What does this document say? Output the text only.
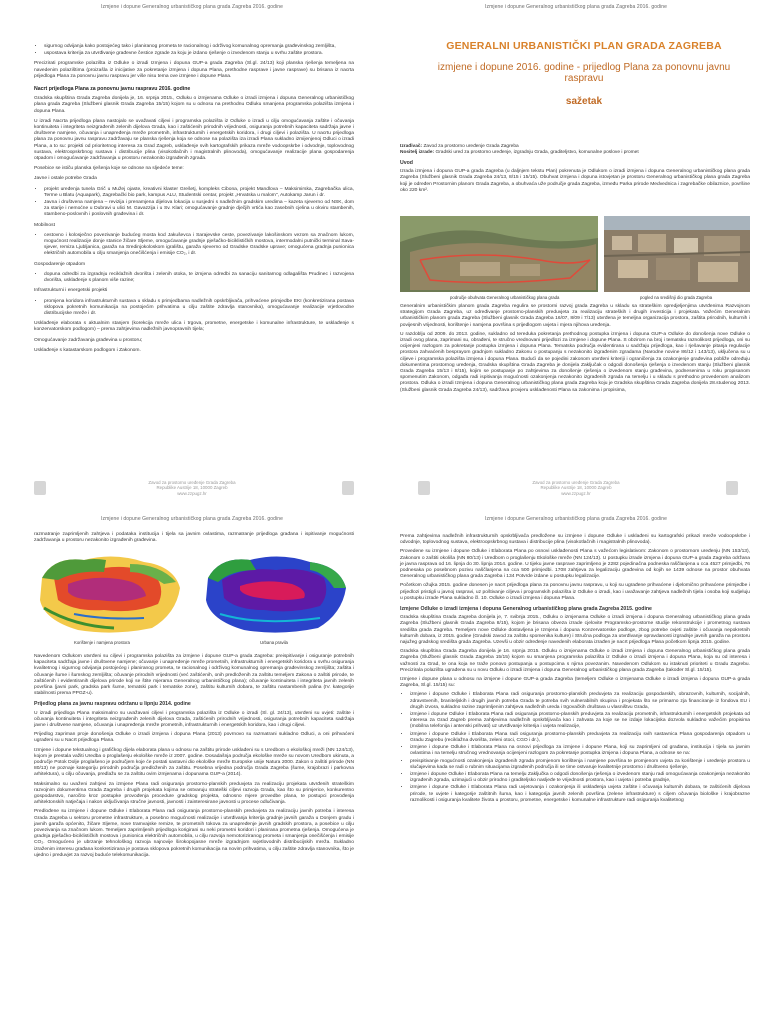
Izmjene i dopune Generalnog urbanističkog plana grada Zagreba 2016. godine
• sigurnog odvijanja kako postojećeg tako i planiranog prometa te racionalnog i održivog komunalnog opremanja građevinskog zemljišta,
• uspostava kriterija za utvrđivanje građevne čestice zgrade za koju je izdano rješenje o izvedenom stanju u svrhu zaštite prostora.

Precizirati programske polazišta iz Odluke o izradi Izmjena i dopuna GUP-a grada Zagreba (Sl.gl. 24/13) koji planska rješenja temeljena na navedenim polazištima (proizašla iz inicijative za pokretanje izmjena i dopuna Plana, prethodne rasprave i javne rasprave) su brisana iz nacrta prijedloga Plana za ponovnu javnu raspravu jer više nisu tema ove izmjene i dopune Plana.

Nacrt prijedloga Plana za ponovnu javnu raspravu 2016. godine

Gradska skupština Grada Zagreba donijela je, 16. srpnja 2015., Odluku o izmjenama Odluke o izradi izmjena i dopuna Generalnog urbanističkog plana grada Zagreba (Službeni glasnik Grada Zagreba 15/15) kojom su u odnosu na prethodnu Odluku smanjena programska polazišta izmjena i dopuna Plana.

U izradi Nacrta prijedloga plana nastojalo se uvažavati ciljevi i programska polazišta iz Odluke o izradi u cilju omogućavanja zaštite i očuvanja kontinuiteta i integriteta neizgrađenih zelenih dijelova Grada, kao i zaštićenih prirodnih vrijednosti, osiguranja potrebnih kapaciteta sadržaja javne i društvene namjene, očuvanja i unapređenja mreže prometnih, infrastrukturnih i energetskih koridora, i drugi ciljevi i polazišta. U nacrtu prijedloga plana za ponovnu javnu raspravu zadržavaju se planska rješenja koja se odnose na polazišta iza izradi Plana sukladno izmijenjenoj Odluci o izradi Plana, a to su: projekti od prioritetnog interesa za Grad Zagreb, usklađenje svih kartografskih prikaza mreže vodoopskrbe i odvodnje, toplovodnog sustava, elektroopskrbnog sustava i distribucije plina (visokotlačnih i magistralnih plinovoda), omogućavanje realizacije plana gospodarenja otpadom i omogućavanje zadržavanja u prostoru nezakonito izgrađenih zgrada.

Posebice se ističu planska rješenja koje se odnose na sljedeće teme:

Javne i ostale potrebe Grada

• projekt uređenja tunela Grič u Mužej ojaste, kreativni klaster Grešetj, kompleks Cibona, projekt Mandlova – Maksimirska, Zagrebačka ulica, Terme u Blatu (Aquapark), Zagrebački bio park, kampus ALU, Studentski centar, projekt „Hrvatska u malom", Autokamp Jarun i dr.
• Javna i društvena namjena – revizija i prenamjena dijelova lokacija u susjedni s nadležnim gradskim uredima – kazeta sjeverno od NSK, dom za starije i nemoćne u Dubravi u ulici M. Gavazzija i u Sv. Klari; omogućavanje gradnje dječjih vrtića kao zasebnih cjelina u okviru stambenih, stambeno-poslovnih i poslovnih građevina i dr.

Mobilnost

• cestovno i kolosječno povezivanje budućeg mosta kod Jakuševca i Sarajevske ceste, povezivanje lakošinskom vezom sa značnom lukom, mogućnost realizacije donje stanice žičare Sljeme, omogućavanje gradnje pješačko-biciklističkih mostova, intermodalni putnički terminal Sava-sjever, remiza Ljubljanica, garaža na Sredinjokoloskom igralištu, garaža sjeverno od Gradske Gradske uprave; omogućena gradnja punionica električnih automobila u cilju smanjenja onečišćenja i emisije CO₂, i dr.

Gospodarenje otpadom

• dopuna odredbi za izgradnju reciklažnih dvorišta i zelenih otoka, te izmjena odredbi za sanaciju sanitarnog odlagališta Prudinec i razvojena dvorišta, usklađenje s planom više razine;

Infrastrukturni i energetski projekti

• promjena koridora infrastrukturnih sustava u skladu s primjedbama nadležnih opskrbljivača, prihvaćene primjedbe EKI (konkretizirana postava sklopova pokretnih komunikacija na postojećim prihvatima u cilju zaštite zdravlja stanovnika), omogućavanje realizacije vrjetlovodne distribucijske mreže i dr.

Usklađenje elaborata s aktualnim stanjem (korekcija mreže ulica i trgova, prometne, energetske i komunalne infrastrukture, te usklađenje s konzervatorskom podlogom) – prema zahtjevima nadležnih javnopravnih tijela;

Omogućavanje zadržavanja građevina u prostoru;

Usklađenje s katastarskom podlogom i Zakonom.

Zavod za prostorno uređenje Grada Zagreba
Republike Austrije 18, 10000 Zagreb
www.zzpugz.hr
Izmjene i dopune Generalnog urbanističkog plana grada Zagreba 2016. godine
GENERALNI URBANISTIČKI PLAN GRADA ZAGREBA
izmjene i dopune 2016. godine - prijedlog Plana za ponovnu javnu raspravu
sažetak
Izrađivač: Zavod za prostorno uređenje Grada Zagreba
Nositelj izrade: Gradski ured za prostorno uređenje, izgradnju Grada, graditeljstvo, komunalne poslove i promet
Uvod
Izrada izmjena i dopuna GUP-a grada Zagreba (u daljnjem tekstu Plan) pokrenuta je Odlukom o izradi izmjena i dopuna Generalnog urbanističkog plana grada Zagreba (Službeni glasnik Grada Zagreba 24/13, 8/15 i 15/15). Obuhvat izmjena i dopuna istovjetan je prostoru Generalnog urbanističkog plana grada Zagreba koji je određen Prostornim planom Grada Zagreba, a obuhvaća uže područje grada Zagreba, između Parka prirode Medvednica i zagrebačke obilaznice, površine oko 220 km².
područje obuhvata Generalnog urbanističkog plana grada	pogled na središnji dio grada Zagreba

Generalnim urbanističkim planom grada Zagreba regulira se prostorni razvoj grada Zagreba u skladu sa strateškim opredjeljenjima utvrđenima Razvojnom strategijom Grada Zagreba, uz određivanje prostorno-planskih preduvjeta za realizaciju strateških i drugih investicija i projekata. Važećim Generalnim urbanističkim planom grada Zagreba (Službeni glasnik Grada Zagreba 16/07, 8/09 i 7/13) utvrđena je temeljna organizacija prostora, zaštita prirodnih, kulturnih i povijesnih vrijednosti, korištenje i namjena površina s prijedlogom uvjeta i mjera njihova uređenja.

U razdoblju od 2009. do 2013. godine, sukladno od tereduka pokretanja prethodnog postupka izmjena i dopuna GUP-a Odluke do donošenja nove Odluke o izradi ovog plana, zaprimani su, obrađeni, te stručno vrednovani prijedlozi za izmjene i dopune Plana. S obzirom na broj i tematsku raznolikost prijedloga, oni su ocijenjeni razlogom za pokretanje postupka izmjena i dopuna Plana. Tematska područja evidentirana u sadržaju prijedloga, kao i rješavanje pitanja regulacije prostora zahvaćenih besprayom gradnjom sukladno Zakonu o postupanju s nezakonito izgrađenim zgradama (Narodne novine 86/12 i 143/13), uključena su u ciljeve i programska polazišta izmjena i dopuna Plana. Budući da se pojedini zakonom utvrđeni kriteriji i ograničenja za ozakonjenje građevina pobliže određuju dokumentima prostornog uređenja, Gradska skupština Grada Zagreba je donijela Zaključak o odgodi donošenja rješenja o izvedenom stanju (Službeni glasnik Grada Zagreba 15/13 i 8/15), kojim se postupanje po zahtjevima za donošenje rješenja o izvedenom stanju građevina, podnesenima u roku propisanom spomenutim Zakonom, odgađa radi ispitivanja mogućnosti ozakonjenja nezakonito izgrađenih zgrada na temelju i u skladu s prethodno provedenom analizom prostora. Odluka o izradi Izmjena i dopuna Generalnog urbanističkog plana grada Zagreba koju je Gradska skupština Grada Zagreba donijela 28.studenog 2013. (Službeni glasnik Grada Zagreba 24/13), sadržava provjeru usklađenosti Plana sa zakonima i propisima,

Zavod za prostorno uređenje Grada Zagreba
Republike Austrije 18, 10000 Zagreb
www.zzpugz.hr
Izmjene i dopune Generalnog urbanističkog plana grada Zagreba 2016. godine

razmatranje zaprimljenih zahtjeva i podataka institucija i tijela sa javnim ovlastima, razmatranje prijedloga građana i ispitivanje mogućnosti zadržavanja u prostoru nezakonito izgrađenih građevina.

Korištenje i namjena prostora	Urbana pravila

Navedenom Odlukom utvrđeni su ciljevi i programska polazišta za izmjene i dopune GUP-a grada Zagreba: preispitivanje i osiguranje potrebnih kapaciteta sadržaja javne i društvene namjene; očuvanje i unapređenje mreže prometnih, infrastrukturnih i energetskih koridora u svrhu osiguranja kvalitetnog i sigurnog odvijanja postojećeg i planiranog prometa, te racionalnog i održivog komunalnog opremanja građevinskog zemljišta; zaštita i očuvanje šume i šumskog zemljišta; očuvanje prirodnih vrijednosti (već zaštićenih, onih predloženih za zaštitu temeljem Zakona o zaštiti prirode, te zaštićenih i evidentiranih dijelova prirode koji se štite mjerama Generalnog urbanističkog plana); očuvanje kontinuiteta i integriteta javnih zelenih površina (javni park, gradska park šume, tematski park i tematske zone), zaštitu kulturnih dobara, te zaštitu nastambenih palina (IV. kategorije stabilnosti prema PPGZ-u).

Prijedlog plana za javnu raspravu održanu u lipnju 2014. godine

U izradi prijedloga Plana maksimalno su uvažavani ciljevi i programska polazišta iz Odluke o izradi (Sl. gl. 24/13), utvrđeni su uvjeti: zaštite i očuvanja kontinuiteta i integriteta neizgrađenih zelenih dijelova Grada, zaštićenih prirodnih vrijednosti, osiguranja potrebnih kapaciteta sadržaja javne i društvene namjene, očuvanja i unapređenja mreže prometnih, infrastrukturnih i energetskih koridora, kao i drugi ciljevi.

Prijedlog zapriman proje donošenja Odluke o izradi izmjena i dopuna Plana (2013) povrnovo su razmatrani sukladno Odluci, a oni prihvaćeni ugrađeni su u Nacrt prijedloga Plana.

Izmjene i dopune tekstualnog i grafičkog dijela elaborata plana u odnosu na zaštitu prirode usklađeni su s Uredbom o ekološkoj mreži (NN 124/13), kojom je prestala važiti Uredba o proglašenju ekološke mreže iz 2007. godine. Dosadašnja područja ekološke mreže su novom Uredbom ukinuta, a područje Potok Dolje proglašeno je područjem koje će postati sastavni dio ekološke mreže Europske unije Natura 2000. Zakon o zaštiti prirode (NN 80/13) ne poznaje kategoriju prirodnih područja predloženih za zaštitu. Posebna vrijedna područja Grada Zagreba (šume, krajobrazi i parkovna arhitektura), u cilju očuvanja, predlažu se za zaštitu ovim izmjenama i dopunama GUP-a (2014).

Maksimalno su uvaženi zahtjevi za izmjene Plana radi osiguranja prostorno-planskih preduvjeta za realizaciju projekata utvrđenih strateškim razvojnim dokumentima Grada Zagreba i drugih projekata kojima se ostvaruju strateški ciljevi razvoja Grada, kao što su primjerice, konkurentno gospodarstvo, naročito kroz postupke provođenja procedure gradskog projekta, odnosno mjere provedbe plana, te postupci provođenja arhitektonskih natječaja i nakon uključivanja stručne javnosti, javnosti i zainteresirane javnosti u procese odlučivanja.

Predlođene su izmjene i dopune Odluke i Elaborata Plana radi osiguranja prostorno-planskih preduvjeta za realizaciju javnih potreba i interesa Grada Zagreba u sektoru prometne infrastrukture, a posebno mogućnosti realizacije i utvrđivanja kriterija gradnje javnih garaža u Donjem gradu i javnih garaža općenito, žičare Sljeme, nove tramvajske remize, te prometnih tokova za unapređenje javnih gradskih prostora, a posebice u cilju povezivanja sa značnom lukom. Temeljem zaprimljenih prijedloga korigirani su neki prometni koridori i planirana prometna rješenja. Omogućena je gradnja pješačko-biciklističkih mostova i punionica električnih automobila, u cilju razvoja nemotoriziranog prometa i smanjenja onečišćenja i emisije CO₂. Omogućeno je ubrzanje tehnološkog razvoja najnovije širokopojasne mreže izgradnjom svjetlovodnih distribucijskih mreža. Sukladno izraženim interesu građana konkretizirana je postava sklopova pokretnih komunikacija na novim prihvatima, u cilju zaštite zdravlja stanovnika, što je ujedno i preduvjet za razvoj buduće telekomunikacija.

Izmjene i dopune Generalnog urbanističkog plana grada Zagreba 2016. godine

Prema zahtjevima nadležnih infrastrukturnih opskrbljivača predložene su izmjene i dopune Odluke i usklađeni su kartografski prikazi mreže vodoopskrbe i odvodnje, toplovodnog sustava, elektroopskrbnog sustava i distribucije plina (visokotlačnih i magistralnih plinovoda).

Provedene su izmjene i dopune Odluke i Elaborata Plana po osnovi usklađenosti Plana s važećom legislativom: Zakonom o prostornom uređenju (NN 153/13), Zakonom o zaštiti okoliša (NN 80/13) i Uredbom o proglašenju Ekološke mreže (NN 124/13). U postupku izrade izmjena i dopuna GUP-a grada Zagreba održana je javna rasprava od 16. lipnja do 30. lipnja 2014. godine. U tijeku javne rasprave zaprimljeno je 2282 pojedinačna podneska raščlanjena u cca 4527 primjedbi, 76 podnesaka po posebnom pozivu naščlanjena na cca 500 primjedbi. 1708 zahtjeva za legalizaciju građevina od kojih se 1439 odnose na prostor obuhvata Generalnog urbanističkog plana grada Zagreba i 134 Potvrde izdane u postupku legalizacije.

Početkom ožujka 2015. godine donesen je nacrt prijedloga plana za ponovnu javnu raspravu, u koji su ugrađene prihvaćene i djelomično prihvaćene primjedbe i prijedlozi pristigli u javnoj raspravi, uz poštivanje ciljeva i programskih polazišta iz Odluke o izradi, kao i uvažavanje zahtjeva nadležnih tijela i osoba koji sudjeluju u postupku izrade Plana sukladno čl. 10. Odluke o izradi izmjena i dopuna Plana.

Izmjene Odluke o izradi izmjena i dopuna Generalnog urbanističkog plana grada Zagreba 2015. godine

Gradska skupština Grada Zagreba donijela je, 7. svibnja 2015., Odluku o izmjenama Odluke o izradi izmjena i dopuna Generalnog urbanističkog plana grada Zagreba (Službeni glasnik Grada Zagreba 8/15), kojom je brisana obveza izrade cjelovite Programsko-prostorne studije rekonstrukcije i prometnog sustava središta grada Zagreba. Temeljem nove Odluke dostavljena je Izmjena i dopuna Konzervatorske podloge, zbog potrebe ovjeti zaštite i očuvanja nepokretnih kulturnih dobara, iz 2015. godine (Gradski zavod za zaštitu spomenika kulture) i Stručna podloga za utvrđivanje opravdanosti izgradnje javnih garaža na prostoru najužeg gradskog središta grada Zagreba. Uzevši u obzir određenje navedenih elaborata izrađen je nacrt prijedloga Plana početkom lipnja 2015. godine.

Gradska skupština Grada Zagreba donijela je 16. srpnja 2015. Odluku o izmjenama Odluke o izradi izmjena i dopuna Generalnog urbanističkog plana grada Zagreba (Službeni glasnik Grada Zagreba 15/15) kojom su smanjena programska polazišta iz Odluke o izradi izmjena i dopuna Plana, koja su od interesa i važnosti za Grad, te ona koja ne traže ponovo postupanja u postupcima s njima povezanim. Navedenom Odlukom su istaknuti prioriteti u Gradu Zagrebu. Precizirala polazišta ugrađena su u novu Odluku o izradi izmjena i dopuna Generalnog urbanističkog plana grada Zagreba (također Sl.gl. 15/15).

Izmjene i dopune plana u odnosu na izmjene i dopune GUP-a grada Zagreba (temeljem Odluke o izmjenama Odluke o izradi izmjena i dopuna GUP-a grada Zagreba, Sl.gl. 15/15) su:

• izmjene i dopune Odluke i Elaborata Plana radi osiguranja prostorno-planskih preduvjeta za realizaciju gospodarskih, obrazovnih, kulturnih, socijalnih, zdravstvenih, branitelјskih i drugih javnih potreba Grada te potreba svih vulnerabilnih skupina i projekata što se primarno zja financiranje iz fondova EU i drugih izvora, sukladno razine zaprimljenim zahtjeva nadležnih ureda i trgovačkih društava u vlasništvu Grada,
• izmjene i dopune Odluke i Elaborata Plana radi osiguranja prostorno-planskih preduvjeta za realizaciju prometnih, infrastrukturnih i energetskih projekata od interesa za Grad Zagreb prema zahtjevima nadležnih opskrbljivača kao i zahvata za koje se ne izdaje lokacijska dozvola sukladno važećim propisima (mobilna telefonija i antenski prihvati) uz utvrđivanje kriterija i uvjeta realizacije,
• izmjene i dopune Odluke i Elaborata Plana radi osiguranja prostorno-planskih preduvjeta za realizaciju svih sastavnica Plana gospodarenja otpadom u Gradu Zagrebu (reciklažna dvorišta, zeleni otoci, CGO i dr.),
• izmjene i dopune Odluke i Elaborata Plana na osnovi prijedloga za izmjene i dopune Plana, koji su zaprimljeni od građana, institucija i tijela sa javnim ovlastima i na temelju stručnog vrednovanja ocijenjeni razlogom za pokretanje postupka izmjena i dopuna Plana, a odnose se na:
• preispitivanje mogućnosti ozakonjenja izgrađenih zgrada promjenom korištenja i namjene površina te promjenom uvjeta za korištenje i uređenje prostora u slučajevima kada se radi o rubnim situacijama izgrađenih područja ili se time ostvaruje kvalitetnije prostorno i društveno rješenje,
• izmjene i dopune Odluke i Elaborata Plana na temelju Zaključka o odgodi donošenja rješenja o izvedenom stanju radi omogućavanja ozakonjenja nezakonito izgrađenih zgrada, uzimajući u obzir prirodno i graditeljsko nasljeđe te vrijednosti prostora, kao i uvjeta i potreba gradnje,
• izmjene i dopune Odluke i Elaborata Plana radi uvjetovanja i ozakonjenja ili usklađenja uvjeta zaštite i očuvanja kulturnih dobara, te zaštićenih dijelova prirode, te uvjete i kategorije zaštitnih šuma, kao i kategorija javnih zelenih površina (zelene infrastrukture) s ciljem očuvanja biološke i krajobrazne raznolikosti i osiguranja kvalitete života u prostoru, prometne, energetske i komunalne infrastrukture radi osiguranja kvalitetnog
